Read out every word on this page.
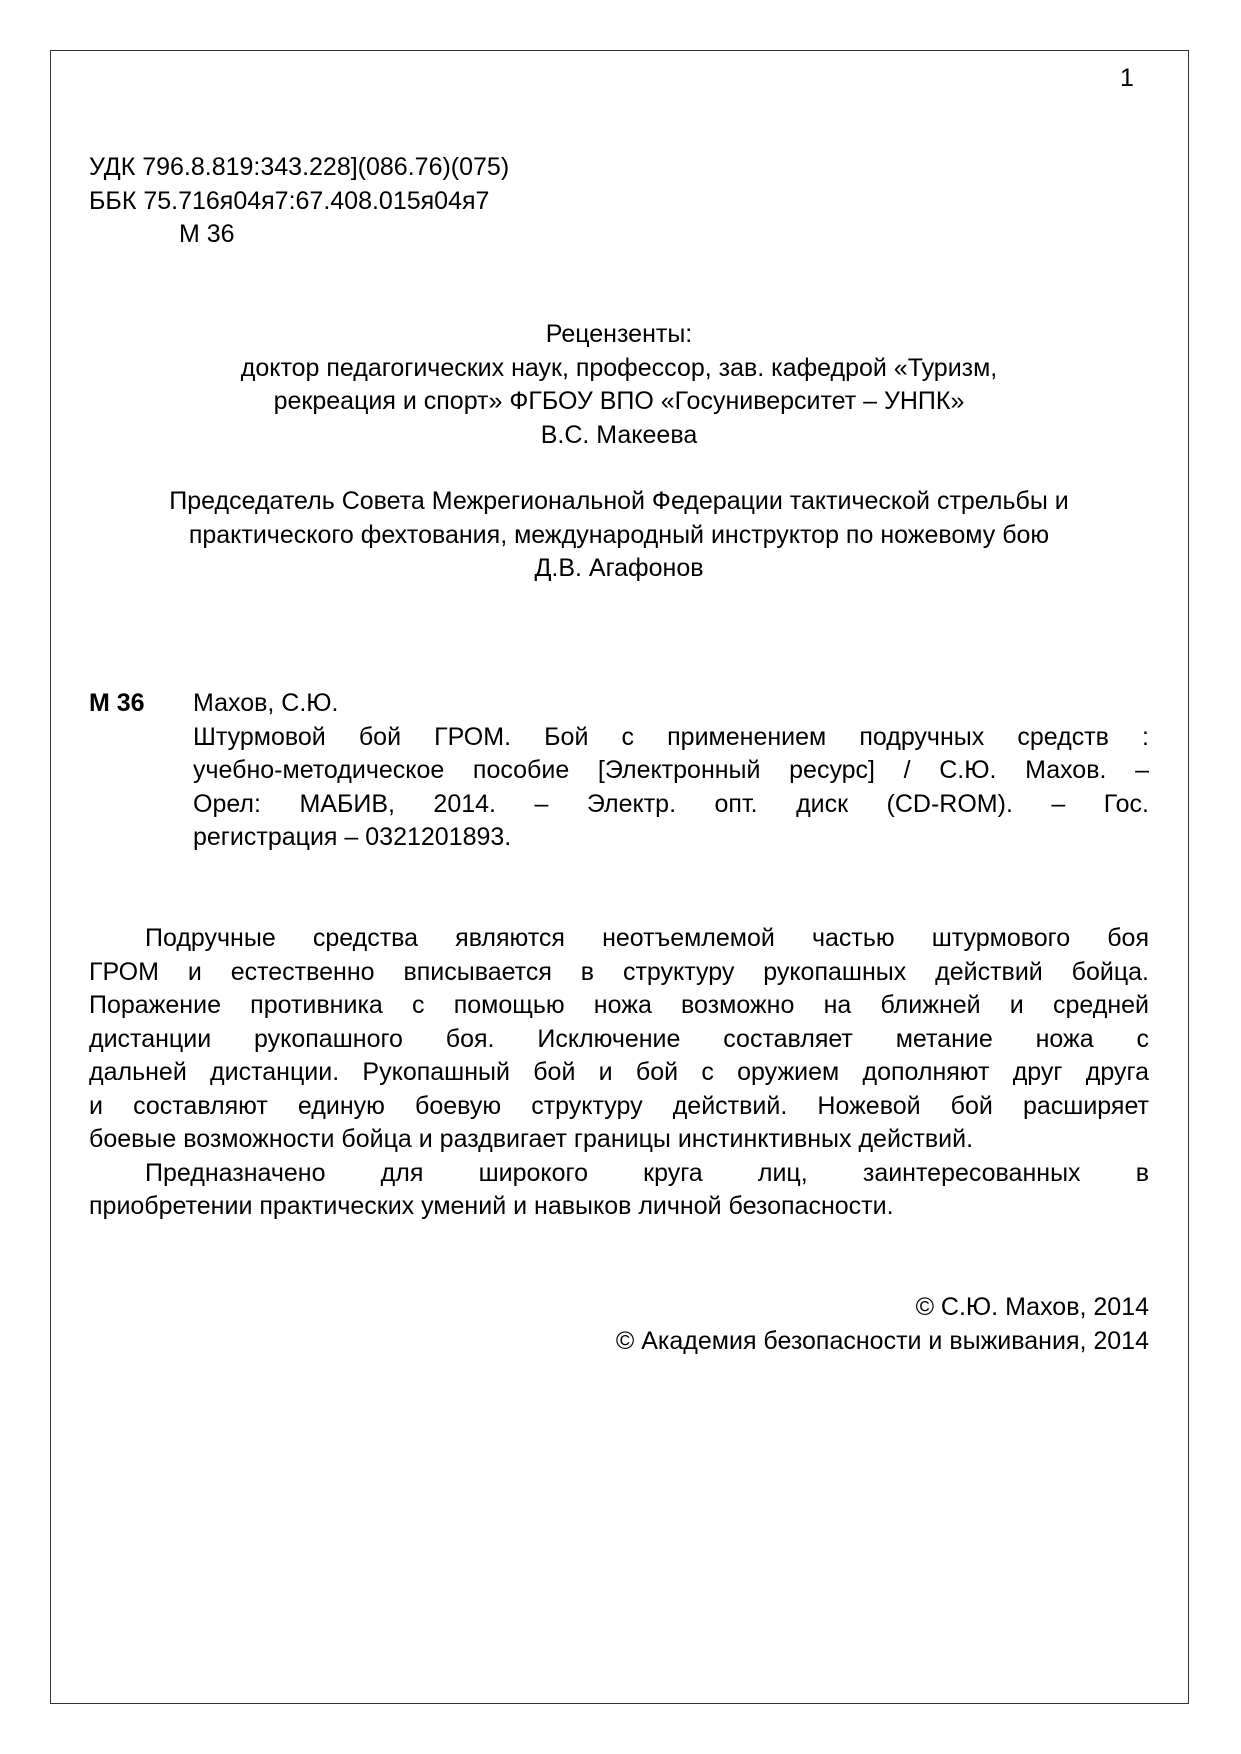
1
УДК 796.8.819:343.228](086.76)(075)
ББК 75.716я04я7:67.408.015я04я7
М 36
Рецензенты:
доктор педагогических наук, профессор, зав. кафедрой «Туризм,
рекреация и спорт» ФГБОУ ВПО «Госуниверситет – УНПК»
В.С. Макеева
Председатель Совета Межрегиональной Федерации тактической стрельбы и
практического фехтования, международный инструктор по ножевому бою
Д.В. Агафонов
М 36 Махов, С.Ю.
Штурмовой бой ГРОМ. Бой с применением подручных средств :
учебно-методическое пособие [Электронный ресурс] / С.Ю. Махов. –
Орел: МАБИВ, 2014. – Электр. опт. диск (CD-ROM). – Гос.
регистрация – 0321201893.
Подручные средства являются неотъемлемой частью штурмового боя
ГРОМ и естественно вписывается в структуру рукопашных действий бойца.
Поражение противника с помощью ножа возможно на ближней и средней
дистанции рукопашного боя. Исключение составляет метание ножа с
дальней дистанции. Рукопашный бой и бой с оружием дополняют друг друга
и составляют единую боевую структуру действий. Ножевой бой расширяет
боевые возможности бойца и раздвигает границы инстинктивных действий.
Предназначено для широкого круга лиц, заинтересованных в
приобретении практических умений и навыков личной безопасности.
© С.Ю. Махов, 2014
© Академия безопасности и выживания, 2014
